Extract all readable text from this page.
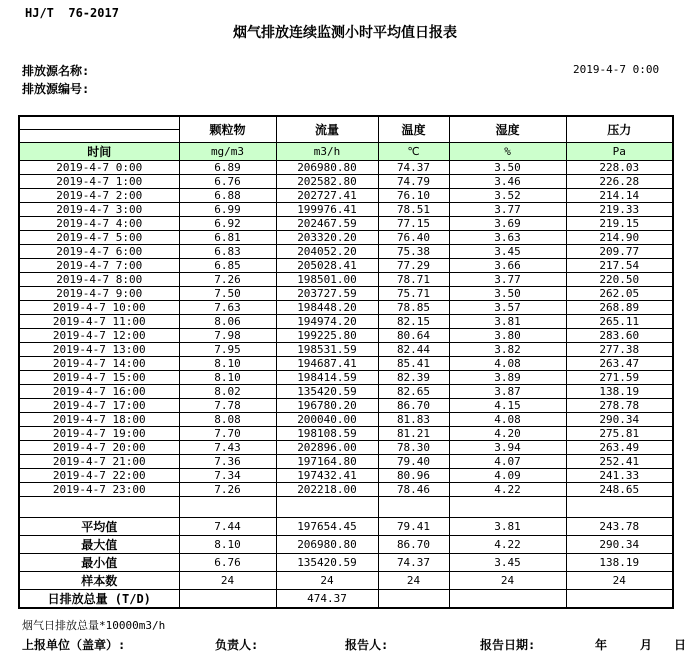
HJ/T  76-2017
烟气排放连续监测小时平均值日报表
排放源名称:
排放源编号:
2019-4-7 0:00
	颗粒物	流量	温度	湿度	压力
时间	mg/m3	m3/h	℃	%	Pa
2019-4-7 0:00	6.89	206980.80	74.37	3.50	228.03
2019-4-7 1:00	6.76	202582.80	74.79	3.46	226.28
2019-4-7 2:00	6.88	202727.41	76.10	3.52	214.14
2019-4-7 3:00	6.99	199976.41	78.51	3.77	219.33
2019-4-7 4:00	6.92	202467.59	77.15	3.69	219.15
2019-4-7 5:00	6.81	203320.20	76.40	3.63	214.90
2019-4-7 6:00	6.83	204052.20	75.38	3.45	209.77
2019-4-7 7:00	6.85	205028.41	77.29	3.66	217.54
2019-4-7 8:00	7.26	198501.00	78.71	3.77	220.50
2019-4-7 9:00	7.50	203727.59	75.71	3.50	262.05
2019-4-7 10:00	7.63	198448.20	78.85	3.57	268.89
2019-4-7 11:00	8.06	194974.20	82.15	3.81	265.11
2019-4-7 12:00	7.98	199225.80	80.64	3.80	283.60
2019-4-7 13:00	7.95	198531.59	82.44	3.82	277.38
2019-4-7 14:00	8.10	194687.41	85.41	4.08	263.47
2019-4-7 15:00	8.10	198414.59	82.39	3.89	271.59
2019-4-7 16:00	8.02	135420.59	82.65	3.87	138.19
2019-4-7 17:00	7.78	196780.20	86.70	4.15	278.78
2019-4-7 18:00	8.08	200040.00	81.83	4.08	290.34
2019-4-7 19:00	7.70	198108.59	81.21	4.20	275.81
2019-4-7 20:00	7.43	202896.00	78.30	3.94	263.49
2019-4-7 21:00	7.36	197164.80	79.40	4.07	252.41
2019-4-7 22:00	7.34	197432.41	80.96	4.09	241.33
2019-4-7 23:00	7.26	202218.00	78.46	4.22	248.65

平均值	7.44	197654.45	79.41	3.81	243.78
最大值	8.10	206980.80	86.70	4.22	290.34
最小值	6.76	135420.59	74.37	3.45	138.19
样本数	24	24	24	24	24
日排放总量 (T/D)		474.37			
烟气日排放总量*10000m3/h
上报单位（盖章）:	负责人:	报告人:	报告日期:	年	月 日
